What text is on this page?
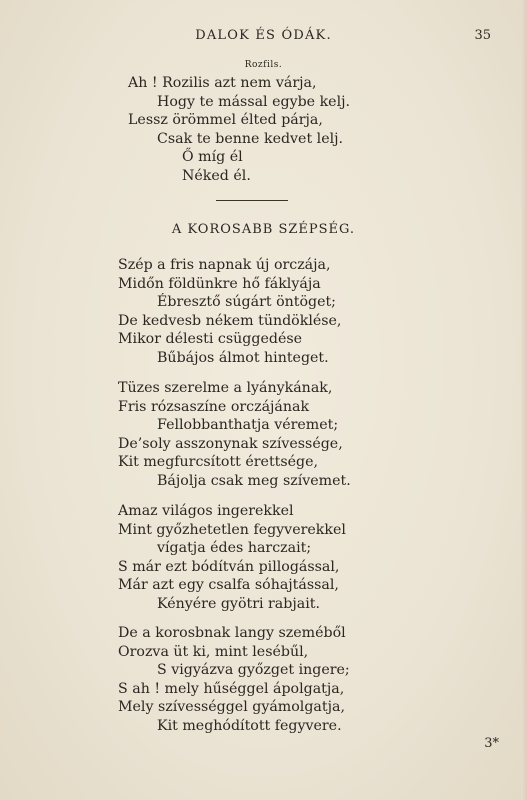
DALOK ÉS ÓDÁK.	35
Rozfils.
Ah ! Rozilis azt nem várja,
Hogy te mással egybe kelj.
Lessz örömmel élted párja,
Csak te benne kedvet lelj.
Ő míg él
Néked él.
A KOROSABB SZÉPSÉG.
Szép a fris napnak új orczája,
Midőn földünkre hő fáklyája
Ébresztő súgárt öntöget;
De kedvesb nékem tündöklése,
Mikor délesti csüggedése
Bűbájos álmot hinteget.
Tüzes szerelme a lyánykának,
Fris rózsaszíne orczájának
Fellobbanthatja véremet;
De’soly asszonynak szívessége,
Kit megfurcsított érettsége,
Bájolja csak meg szívemet.
Amaz világos ingerekkel
Mint győzhetetlen fegyverekkel
vígatja édes harczait;
S már ezt bódítván pillogással,
Már azt egy csalfa sóhajtással,
Kényére gyötri rabjait.
De a korosbnak langy szeméből
Orozva üt ki, mint lesébűl,
S vigyázva győzget ingere;
S ah ! mely hűséggel ápolgatja,
Mely szívességgel gyámolgatja,
Kit meghódított fegyvere.
3*
